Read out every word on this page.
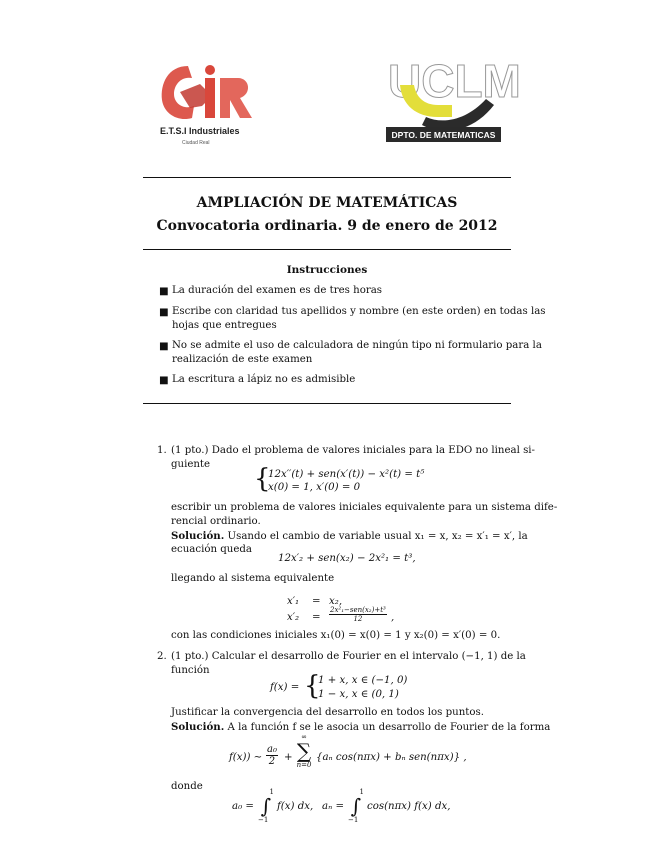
E.T.S.I Industriales
Ciudad Real
UCLM
DPTO. DE MATEMATICAS
AMPLIACIÓN DE MATEMÁTICAS
Convocatoria ordinaria. 9 de enero de 2012
Instrucciones
■ La duración del examen es de tres horas
■ Escribe con claridad tus apellidos y nombre (en este orden) en todas las
hojas que entregues
■ No se admite el uso de calculadora de ningún tipo ni formulario para la
realización de este examen
■ La escritura a lápiz no es admisible
1. (1 pto.) Dado el problema de valores iniciales para la EDO no lineal si-
guiente {
12x′′(t) + sen(x′(t)) − x²(t) = t⁵
x(0) = 1, x′(0) = 0
escribir un problema de valores iniciales equivalente para un sistema dife-
rencial ordinario.
Solución. Usando el cambio de variable usual x₁ = x, x₂ = x′₁ = x′, la
ecuación queda
12x′₂ + sen(x₂) − 2x²₁ = t³,
llegando al sistema equivalente
x′₁ = x₂,
x′₂ =
2x²₁−sen(x₂)+t³
12	,
con las condiciones iniciales x₁(0) = x(0) = 1 y x₂(0) = x′(0) = 0.
2. (1 pto.) Calcular el desarrollo de Fourier en el intervalo (−1, 1) de la
función
f(x) = {
1 + x, x ∈ (−1, 0)
1 − x, x ∈ (0, 1)
Justificar la convergencia del desarrollo en todos los puntos.
Solución. A la función f se le asocia un desarrollo de Fourier de la forma
f(x)) ∼ $\frac{\text{a₀}}{2}$ +
∞
∑
n=0
{aₙ cos(nπx) + bₙ sen(nπx)} ,
donde
a₀ =
1
∫
−1
f(x) dx, aₙ =
1
∫
−1
cos(nπx) f(x) dx,
